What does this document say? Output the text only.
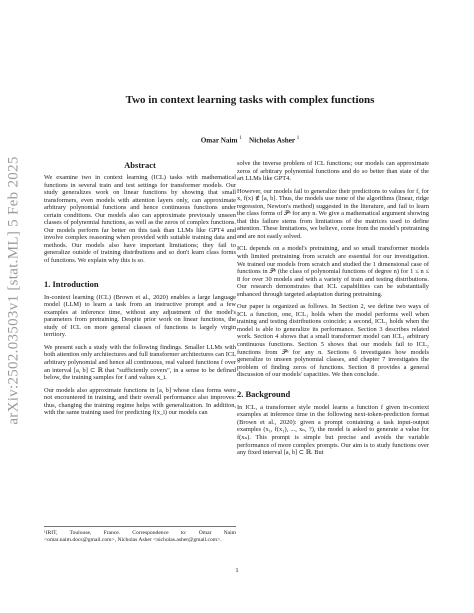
arXiv:2502.03503v1 [stat.ML] 5 Feb 2025
Two in context learning tasks with complex functions
Omar Naim $^1$ Nicholas Asher $^1$
Abstract

We examine two in context learning (ICL) tasks with mathematical functions in several train and test settings for transformer models. Our study generalizes work on linear functions by showing that small transformers, even models with attention layers only, can approximate arbitrary polynomial functions and hence continuous functions under certain conditions. Our models also can approximate previously unseen classes of polynomial functions, as well as the zeros of complex functions. Our models perform far better on this task than LLMs like GPT4 and involve complex reasoning when provided with suitable training data and methods. Our models also have important limitations; they fail to generalize outside of training distributions and so don't learn class forms of functions. We explain why this is so.

1. Introduction

In-context learning (ICL) (Brown et al., 2020) enables a large language model (LLM) to learn a task from an instructive prompt and a few examples at inference time, without any adjustment of the model's parameters from pretraining. Despite prior work on linear functions, the study of ICL on more general classes of functions is largely virgin territory.

We present such a study with the following findings. Smaller LLMs with both attention only architectures and full transformer architectures can ICL arbitrary polynomial and hence all continuous, real valued functions f over an interval [a, b] ⊂ ℝ that "sufficiently covers", in a sense to be defined below, the training samples for f and values x_i.

Our models also approximate functions in [a, b] whose class forms were not encountered in training, and their overall performance also improves: thus, changing the training regime helps with generalization. In addition, with the same training used for predicting f(x_i) our models can

¹IRIT, Toulouse, France. Correspondence to: Omar Naim <omar.naim.docs@gmail.com>, Nicholas Asher <nicholas.asher@gmail.com>.

solve the inverse problem of ICL functions; our models can approximate zeros of arbitrary polynomial functions and do so better than state of the art LLMs like GPT4.

However, our models fail to generalize their predictions to values for f, for x, f(x) ∉ [a, b]. Thus, the models use none of the algorithms (linear, ridge regression, Newton's method) suggested in the literature, and fail to learn the class forms of 𝒫ⁿ for any n. We give a mathematical argument showing that this failure stems from limitations of the matrices used to define attention. These limitations, we believe, come from the model's pretraining and are not easily solved.

ICL depends on a model's pretraining, and so small transformer models with limited pretraining from scratch are essential for our investigation. We trained our models from scratch and studied the 1 dimensional case of functions in 𝒫ⁿ (the class of polynomial functions of degree n) for 1 ≤ n ≤ 8 for over 30 models and with a variety of train and testing distributions. Our research demonstrates that ICL capabilities can be substantially enhanced through targeted adaptation during pretraining.

Our paper is organized as follows. In Section 2, we define two ways of ICL a function, one, ICL₁ holds when the model performs well when training and testing distributions coincide; a second, ICL₂ holds when the model is able to generalize its performance. Section 3 describes related work. Section 4 shows that a small transformer model can ICL₁ arbitrary continuous functions. Section 5 shows that our models fail to ICL₂ functions from 𝒫ⁿ for any n. Sections 6 investigates how models generalize to unseen polynomial classes, and chapter 7 investigates the problem of finding zeros of functions. Section 8 provides a general discussion of our models' capacities. We then conclude.

2. Background

In ICL, a transformer style model learns a function f given in-context examples at inference time in the following next-token-prediction format (Brown et al., 2020): given a prompt containing a task input-output examples (x₁, f(x₁), ..., xₙ, ?), the model is asked to generate a value for f(xₙ). This prompt is simple but precise and avoids the variable performance of more complex prompts. Our aim is to study functions over any fixed interval [a, b] ⊂ ℝ. But

1
